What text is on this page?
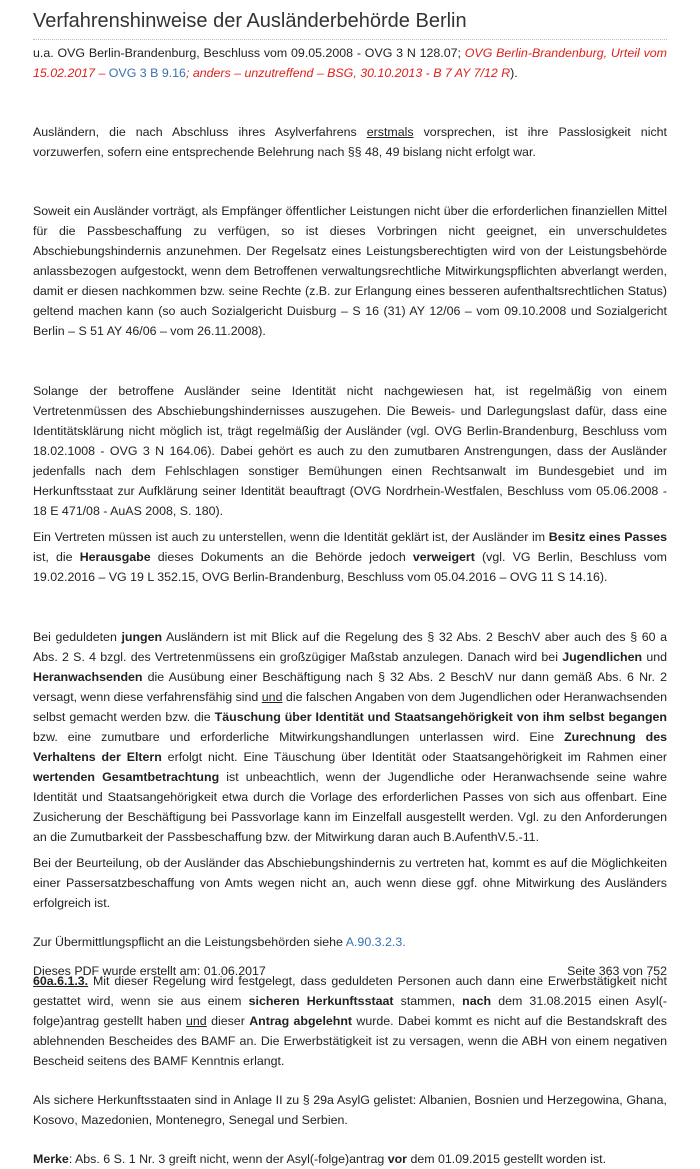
Verfahrenshinweise der Ausländerbehörde Berlin

u.a. OVG Berlin-Brandenburg, Beschluss vom 09.05.2008 - OVG 3 N 128.07; OVG Berlin-Brandenburg, Urteil vom 15.02.2017 – OVG 3 B 9.16; anders – unzutreffend – BSG, 30.10.2013 - B 7 AY 7/12 R).

Ausländern, die nach Abschluss ihres Asylverfahrens erstmals vorsprechen, ist ihre Passlosigkeit nicht vorzuwerfen, sofern eine entsprechende Belehrung nach §§ 48, 49 bislang nicht erfolgt war.

Soweit ein Ausländer vorträgt, als Empfänger öffentlicher Leistungen nicht über die erforderlichen finanziellen Mittel für die Passbeschaffung zu verfügen, so ist dieses Vorbringen nicht geeignet, ein unverschuldetes Abschiebungshindernis anzunehmen. Der Regelsatz eines Leistungsberechtigten wird von der Leistungsbehörde anlassbezogen aufgestockt, wenn dem Betroffenen verwaltungsrechtliche Mitwirkungspflichten abverlangt werden, damit er diesen nachkommen bzw. seine Rechte (z.B. zur Erlangung eines besseren aufenthaltsrechtlichen Status) geltend machen kann (so auch Sozialgericht Duisburg – S 16 (31) AY 12/06 – vom 09.10.2008 und Sozialgericht Berlin – S 51 AY 46/06 – vom 26.11.2008).

Solange der betroffene Ausländer seine Identität nicht nachgewiesen hat, ist regelmäßig von einem Vertretenmüssen des Abschiebungshindernisses auszugehen. Die Beweis- und Darlegungslast dafür, dass eine Identitätsklärung nicht möglich ist, trägt regelmäßig der Ausländer (vgl. OVG Berlin-Brandenburg, Beschluss vom 18.02.1008 - OVG 3 N 164.06). Dabei gehört es auch zu den zumutbaren Anstrengungen, dass der Ausländer jedenfalls nach dem Fehlschlagen sonstiger Bemühungen einen Rechtsanwalt im Bundesgebiet und im Herkunftsstaat zur Aufklärung seiner Identität beauftragt (OVG Nordrhein-Westfalen, Beschluss vom 05.06.2008 - 18 E 471/08 - AuAS 2008, S. 180).

Ein Vertreten müssen ist auch zu unterstellen, wenn die Identität geklärt ist, der Ausländer im Besitz eines Passes ist, die Herausgabe dieses Dokuments an die Behörde jedoch verweigert (vgl. VG Berlin, Beschluss vom 19.02.2016 – VG 19 L 352.15, OVG Berlin-Brandenburg, Beschluss vom 05.04.2016 – OVG 11 S 14.16).

Bei geduldeten jungen Ausländern ist mit Blick auf die Regelung des § 32 Abs. 2 BeschV aber auch des § 60 a Abs. 2 S. 4 bzgl. des Vertretenmüssens ein großzügiger Maßstab anzulegen. Danach wird bei Jugendlichen und Heranwachsenden die Ausübung einer Beschäftigung nach § 32 Abs. 2 BeschV nur dann gemäß Abs. 6 Nr. 2 versagt, wenn diese verfahrensfähig sind und die falschen Angaben von dem Jugendlichen oder Heranwachsenden selbst gemacht werden bzw. die Täuschung über Identität und Staatsangehörigkeit von ihm selbst begangen bzw. eine zumutbare und erforderliche Mitwirkungshandlungen unterlassen wird. Eine Zurechnung des Verhaltens der Eltern erfolgt nicht. Eine Täuschung über Identität oder Staatsangehörigkeit im Rahmen einer wertenden Gesamtbetrachtung ist unbeachtlich, wenn der Jugendliche oder Heranwachsende seine wahre Identität und Staatsangehörigkeit etwa durch die Vorlage des erforderlichen Passes von sich aus offenbart. Eine Zusicherung der Beschäftigung bei Passvorlage kann im Einzelfall ausgestellt werden. Vgl. zu den Anforderungen an die Zumutbarkeit der Passbeschaffung bzw. der Mitwirkung daran auch B.AufenthV.5.-11.

Bei der Beurteilung, ob der Ausländer das Abschiebungshindernis zu vertreten hat, kommt es auf die Möglichkeiten einer Passersatzbeschaffung von Amts wegen nicht an, auch wenn diese ggf. ohne Mitwirkung des Ausländers erfolgreich ist.

Zur Übermittlungspflicht an die Leistungsbehörden siehe A.90.3.2.3.

60a.6.1.3. Mit dieser Regelung wird festgelegt, dass geduldeten Personen auch dann eine Erwerbstätigkeit nicht gestattet wird, wenn sie aus einem sicheren Herkunftsstaat stammen, nach dem 31.08.2015 einen Asyl(-folge)antrag gestellt haben und dieser Antrag abgelehnt wurde. Dabei kommt es nicht auf die Bestandskraft des ablehnenden Bescheides des BAMF an. Die Erwerbstätigkeit ist zu versagen, wenn die ABH von einem negativen Bescheid seitens des BAMF Kenntnis erlangt.

Als sichere Herkunftsstaaten sind in Anlage II zu § 29a AsylG gelistet: Albanien, Bosnien und Herzegowina, Ghana, Kosovo, Mazedonien, Montenegro, Senegal und Serbien.

Merke: Abs. 6 S. 1 Nr. 3 greift nicht, wenn der Asyl(-folge)antrag vor dem 01.09.2015 gestellt worden ist.

Dieses PDF wurde erstellt am: 01.06.2017	Seite 363 von 752
